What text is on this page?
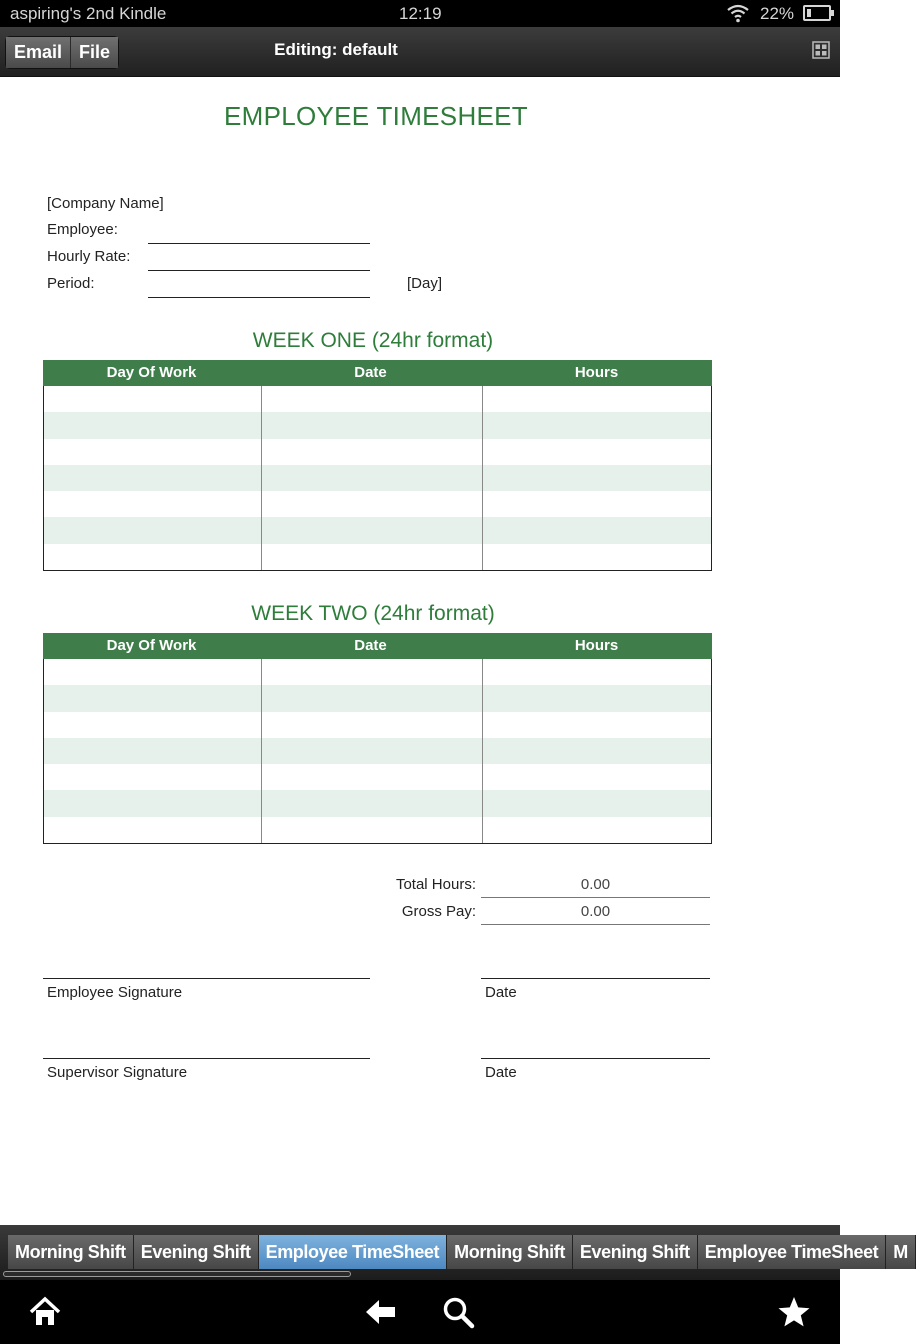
aspiring's 2nd Kindle	12:19	22%
Email File	Editing: default
EMPLOYEE TIMESHEET
[Company Name]
Employee:
Hourly Rate:
Period:	[Day]
WEEK ONE (24hr format)
Day Of Work	Date	Hours
WEEK TWO (24hr format)
Day Of Work	Date	Hours
Total Hours:	0.00
Gross Pay:	0.00
Employee Signature	Date
Supervisor Signature	Date
Morning Shift Evening Shift Employee TimeSheet Morning Shift Evening Shift Employee TimeSheet M
